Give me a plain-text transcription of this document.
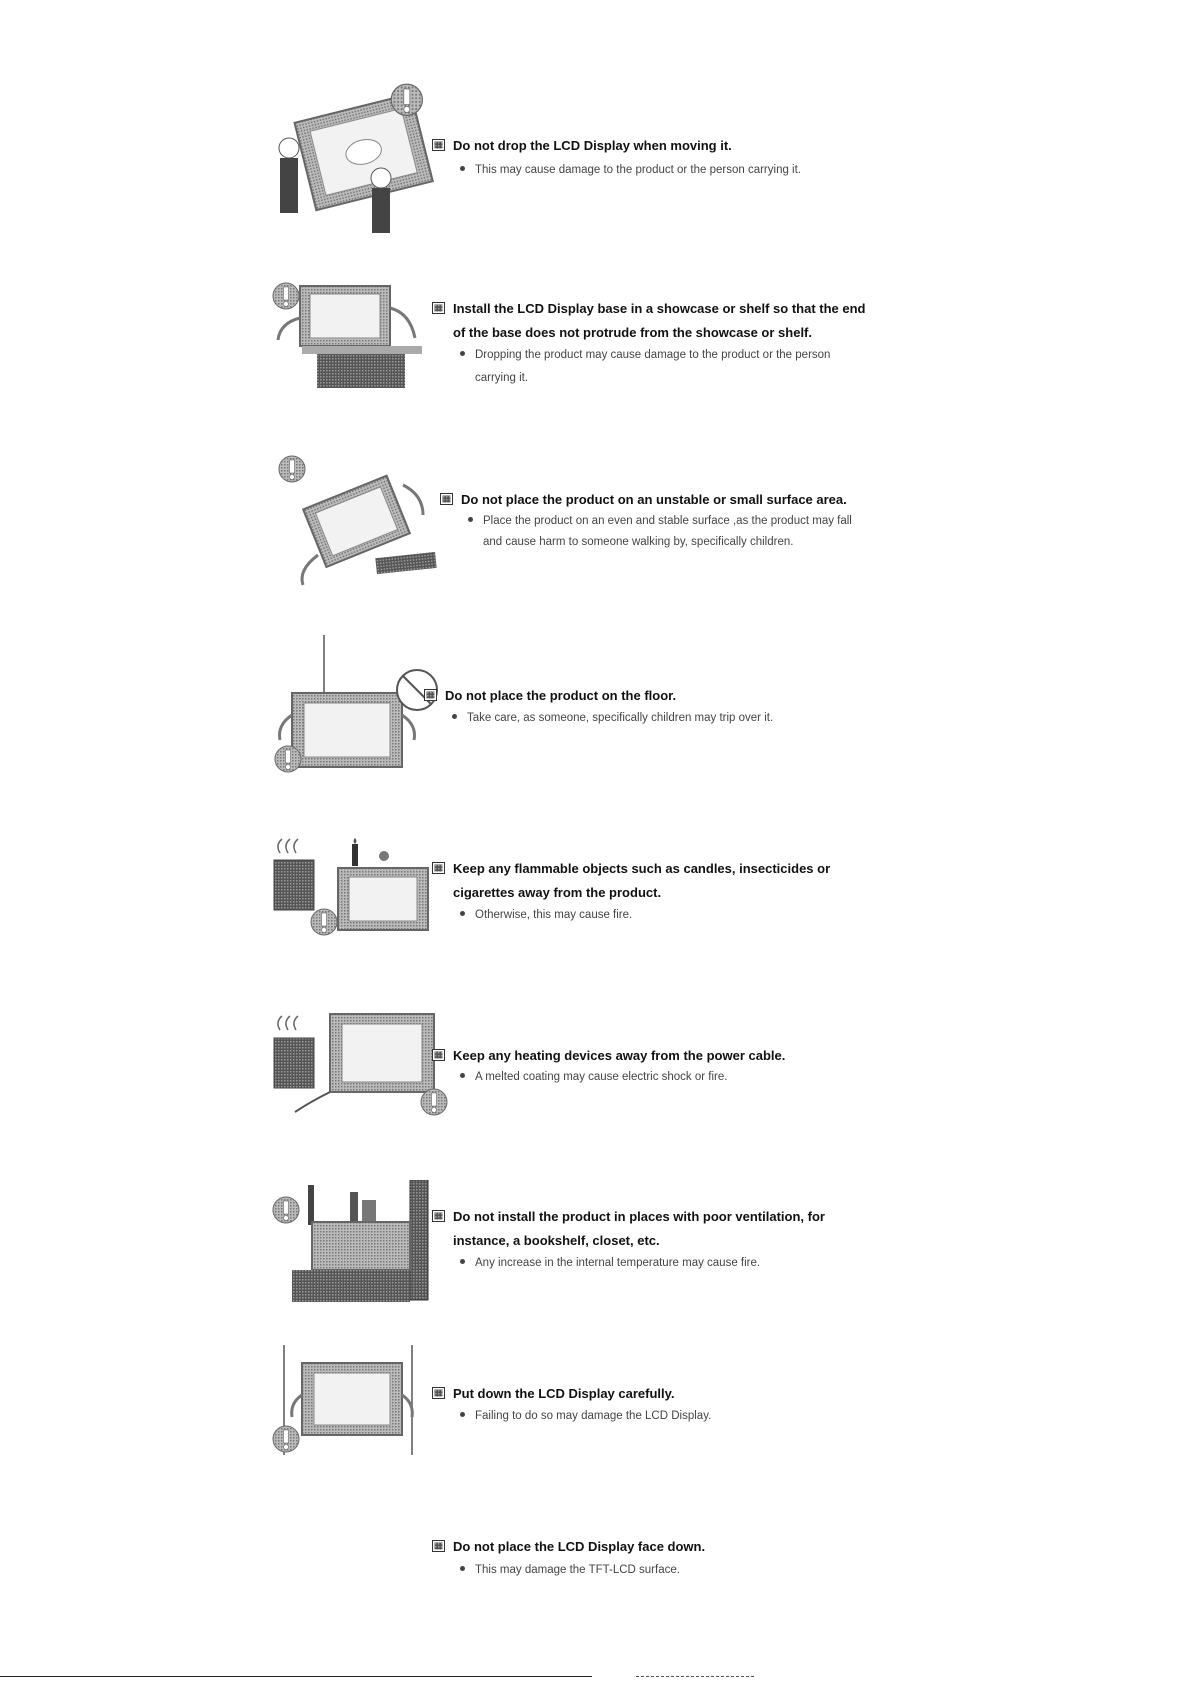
Do not drop the LCD Display when moving it.

This may cause damage to the product or the person carrying it.

Install the LCD Display base in a showcase or shelf so that the end
of the base does not protrude from the showcase or shelf.

Dropping the product may cause damage to the product or the person

carrying it.

Do not place the product on an unstable or small surface area.

Place the product on an even and stable surface ,as the product may fall

and cause harm to someone walking by, specifically children.

Do not place the product on the floor.

Take care, as someone, specifically children may trip over it.

Keep any flammable objects such as candles, insecticides or
cigarettes away from the product.

Otherwise, this may cause fire.

Keep any heating devices away from the power cable.

A melted coating may cause electric shock or fire.

Do not install the product in places with poor ventilation, for
instance, a bookshelf, closet, etc.

Any increase in the internal temperature may cause fire.

Put down the LCD Display carefully.

Failing to do so may damage the LCD Display.

Do not place the LCD Display face down.

This may damage the TFT-LCD surface.
